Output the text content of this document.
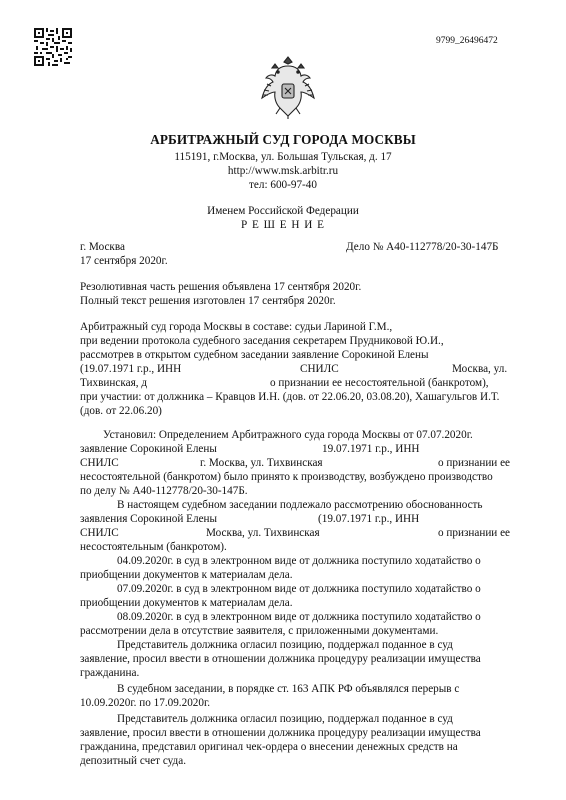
9799_26496472
АРБИТРАЖНЫЙ СУД ГОРОДА МОСКВЫ
115191, г.Москва, ул. Большая Тульская, д. 17
http://www.msk.arbitr.ru
тел: 600-97-40
Именем Российской Федерации
Р Е Ш Е Н И Е
г. Москва	Дело № А40-112778/20-30-147Б
17 сентября 2020г.
Резолютивная часть решения объявлена 17 сентября 2020г.
Полный текст решения изготовлен 17 сентября 2020г.
Арбитражный суд города Москвы в составе: судьи Лариной Г.М.,
при ведении протокола судебного заседания секретарем Прудниковой Ю.И.,
рассмотрев в открытом судебном заседании заявление Сорокиной Елены
(19.07.1971 г.р., ИНН	СНИЛС	Москва, ул.
Тихвинская, д	о признании ее несостоятельной (банкротом),
при участии: от должника – Кравцов И.Н. (дов. от 22.06.20, 03.08.20), Хашагульгов И.Т.
(дов. от 22.06.20)
Установил: Определением Арбитражного суда города Москвы от 07.07.2020г.
заявление Сорокиной Елены	19.07.1971 г.р., ИНН
СНИЛС	г. Москва, ул. Тихвинская	о признании ее
несостоятельной (банкротом) было принято к производству, возбуждено производство
по делу № А40-112778/20-30-147Б.
В настоящем судебном заседании подлежало рассмотрению обоснованность
заявления Сорокиной Елены	(19.07.1971 г.р., ИНН
СНИЛС	Москва, ул. Тихвинская	о признании ее
несостоятельным (банкротом).
04.09.2020г. в суд в электронном виде от должника поступило ходатайство о
приобщении документов к материалам дела.
07.09.2020г. в суд в электронном виде от должника поступило ходатайство о
приобщении документов к материалам дела.
08.09.2020г. в суд в электронном виде от должника поступило ходатайство о
рассмотрении дела в отсутствие заявителя, с приложенными документами.
Представитель должника огласил позицию, поддержал поданное в суд
заявление, просил ввести в отношении должника процедуру реализации имущества
гражданина.
В судебном заседании, в порядке ст. 163 АПК РФ объявлялся перерыв с
10.09.2020г. по 17.09.2020г.
Представитель должника огласил позицию, поддержал поданное в суд
заявление, просил ввести в отношении должника процедуру реализации имущества
гражданина, представил оригинал чек-ордера о внесении денежных средств на
депозитный счет суда.
